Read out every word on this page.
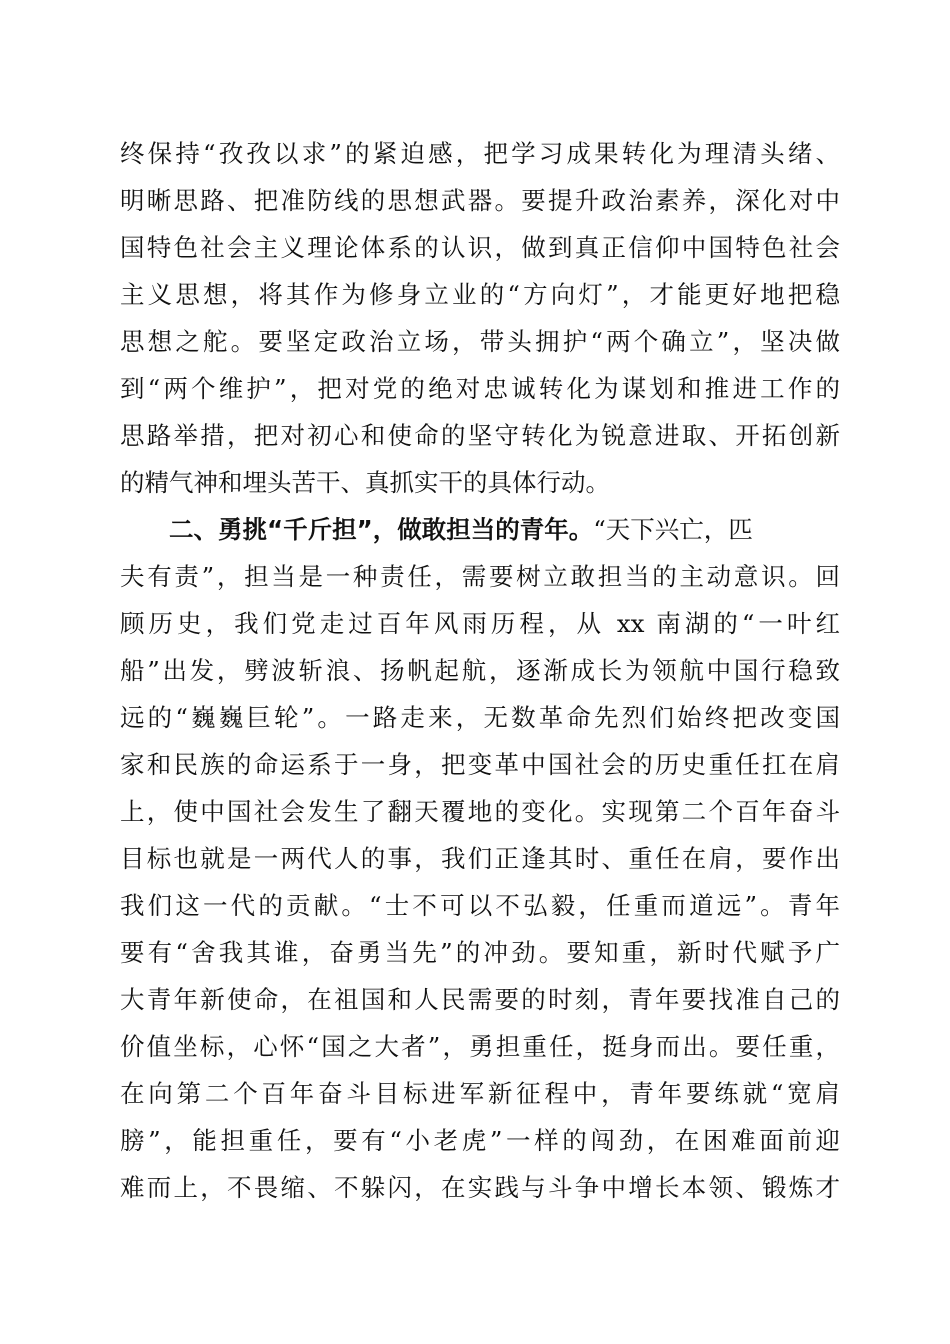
终保持“孜孜以求”的紧迫感，把学习成果转化为理清头绪、
明晰思路、把准防线的思想武器。要提升政治素养，深化对中
国特色社会主义理论体系的认识，做到真正信仰中国特色社会
主义思想，将其作为修身立业的“方向灯”，才能更好地把稳
思想之舵。要坚定政治立场，带头拥护“两个确立”，坚决做
到“两个维护”，把对党的绝对忠诚转化为谋划和推进工作的
思路举措，把对初心和使命的坚守转化为锐意进取、开拓创新
的精气神和埋头苦干、真抓实干的具体行动。
二、勇挑“千斤担”，做敢担当的青年。“天下兴亡，匹
夫有责”，担当是一种责任，需要树立敢担当的主动意识。回
顾历史，我们党走过百年风雨历程，从 xx 南湖的“一叶红
船”出发，劈波斩浪、扬帆起航，逐渐成长为领航中国行稳致
远的“巍巍巨轮”。一路走来，无数革命先烈们始终把改变国
家和民族的命运系于一身，把变革中国社会的历史重任扛在肩
上，使中国社会发生了翻天覆地的变化。实现第二个百年奋斗
目标也就是一两代人的事，我们正逢其时、重任在肩，要作出
我们这一代的贡献。“士不可以不弘毅，任重而道远”。青年
要有“舍我其谁，奋勇当先”的冲劲。要知重，新时代赋予广
大青年新使命，在祖国和人民需要的时刻，青年要找准自己的
价值坐标，心怀“国之大者”，勇担重任，挺身而出。要任重，
在向第二个百年奋斗目标进军新征程中，青年要练就“宽肩
膀”，能担重任，要有“小老虎”一样的闯劲，在困难面前迎
难而上，不畏缩、不躲闪，在实践与斗争中增长本领、锻炼才
